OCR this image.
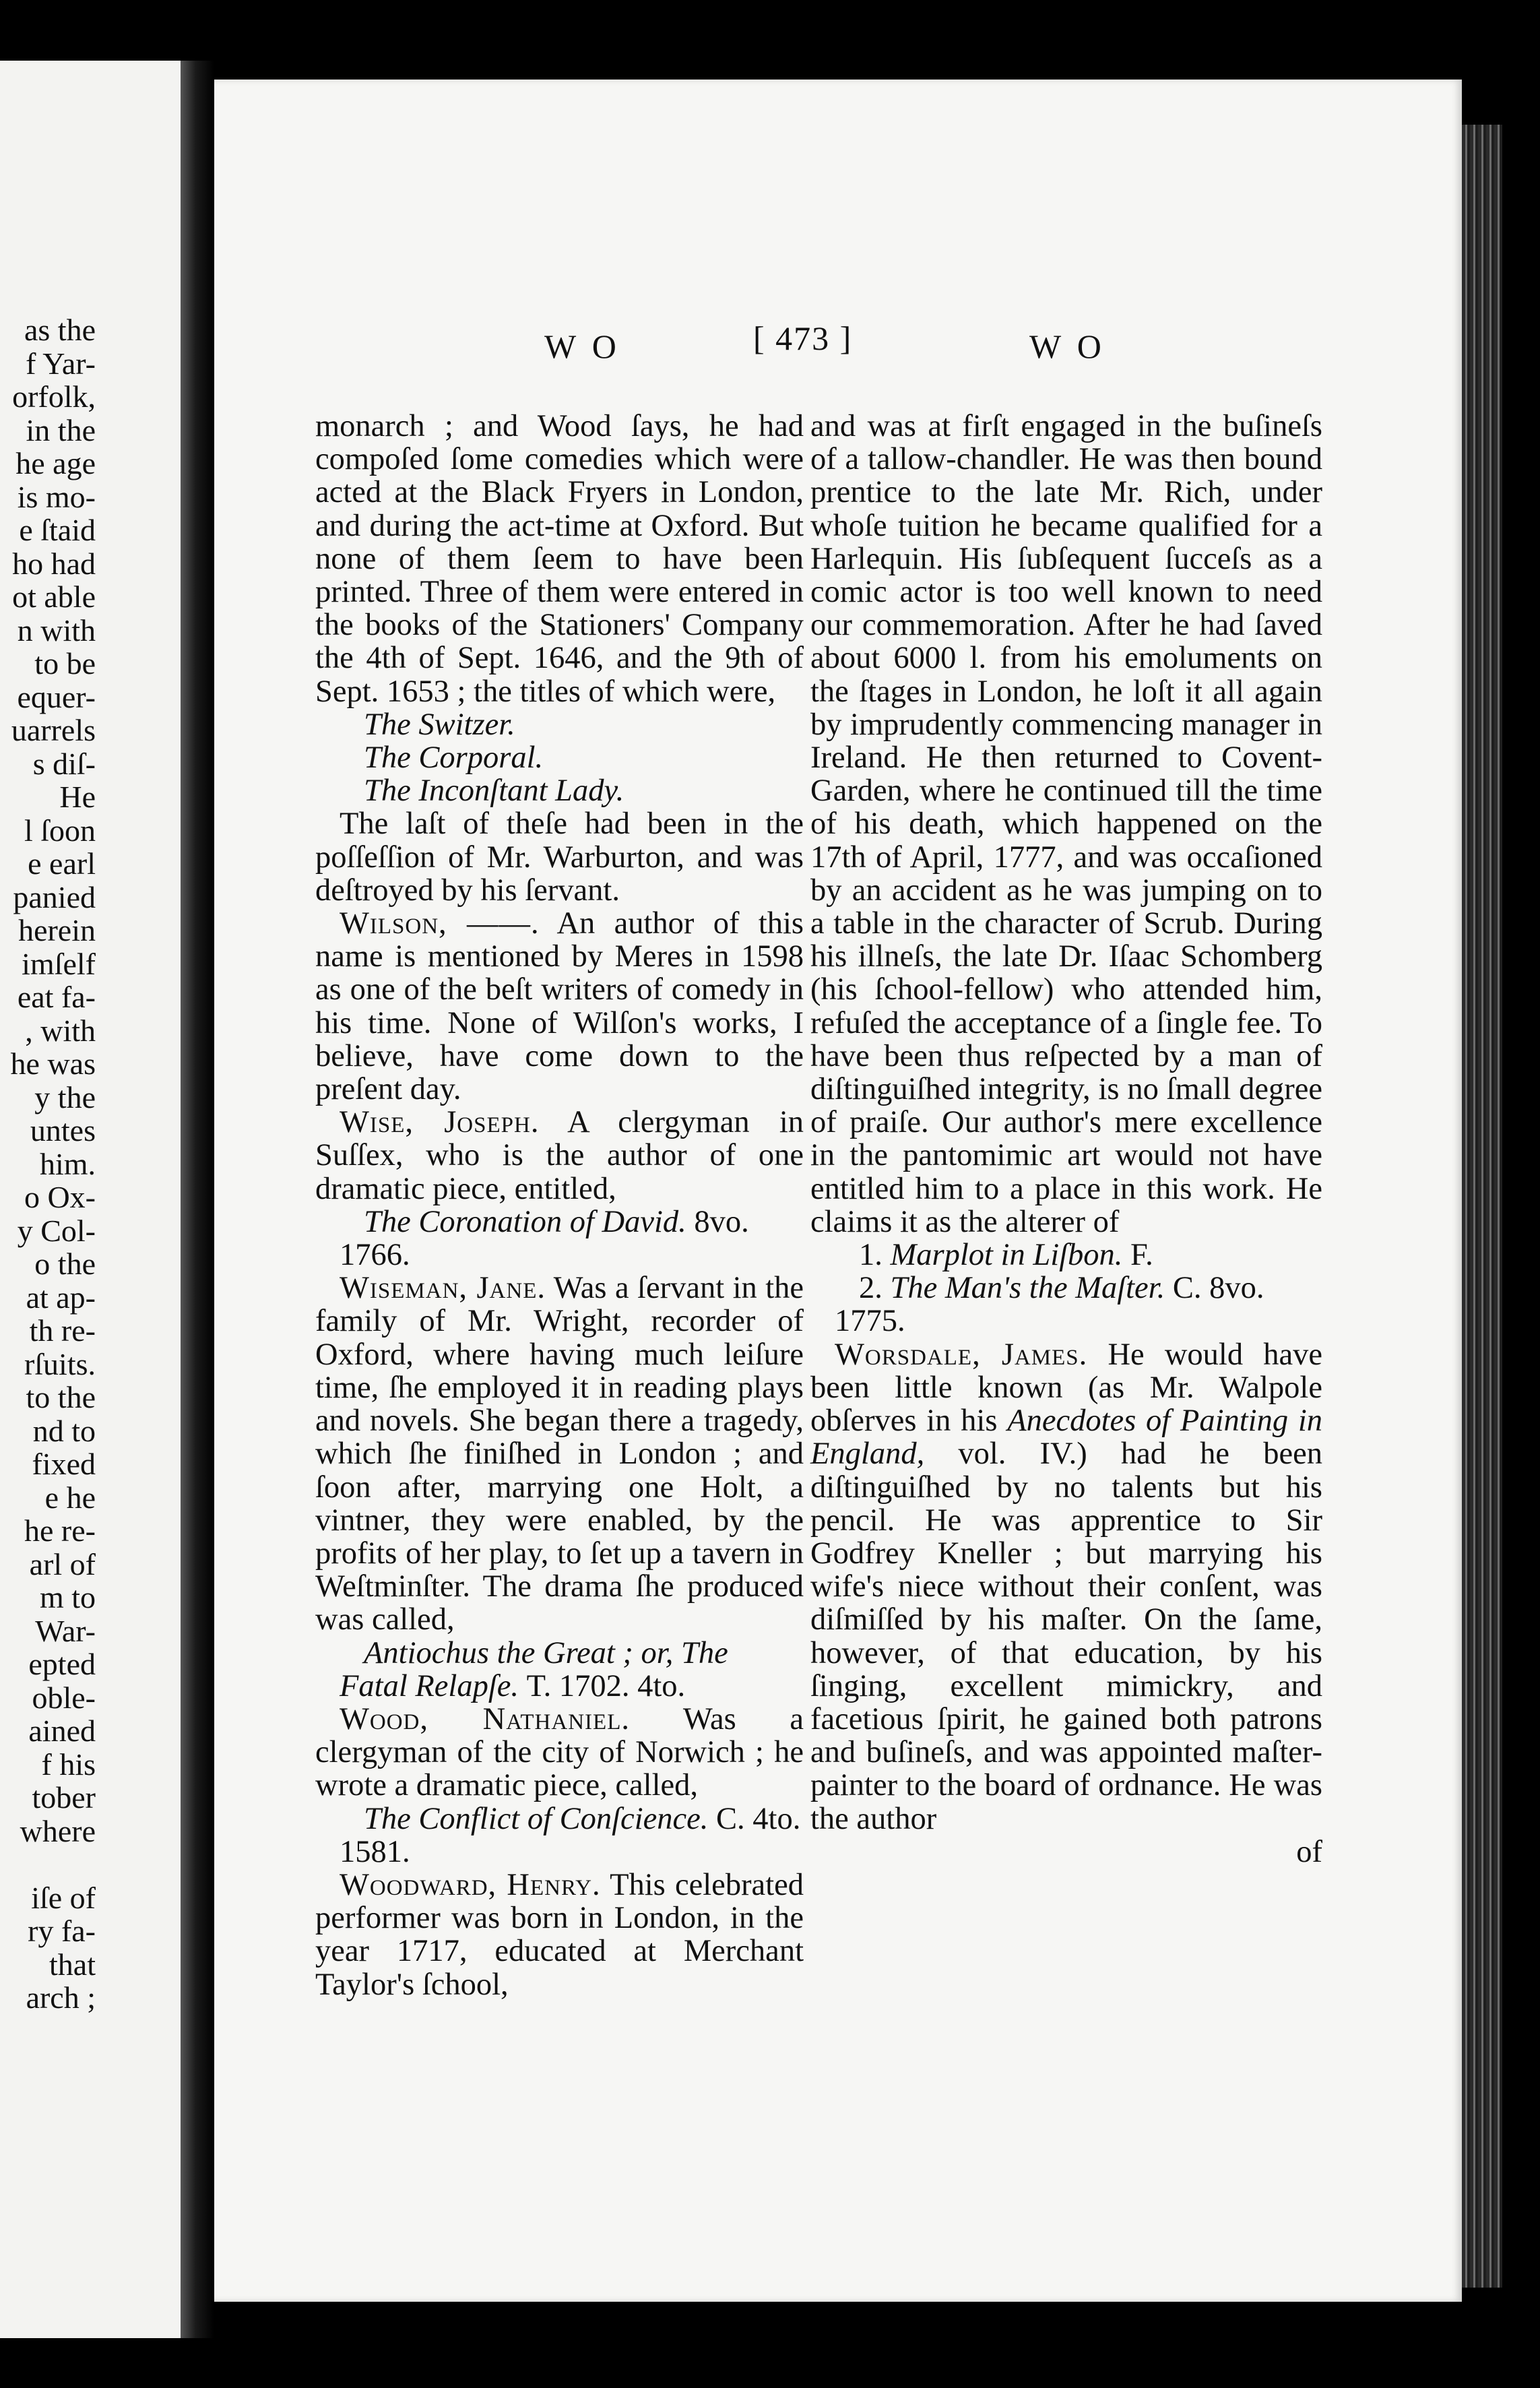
as the
f Yar-
orfolk,
in the
he age
is mo-
e ſtaid
ho had
ot able
n with
to be
equer-
uarrels
s diſ-
He
l ſoon
e earl
panied
herein
imſelf
eat fa-
, with
he was
y the
untes
him.
o Ox-
y Col-
o the
at ap-
th re-
rſuits.
to the
nd to
fixed
e he
he re-
arl of
m to
War-
epted
oble-
ained
f his
tober
where

iſe of
ry fa-
that
arch ;
W O	[ 473 ]	W O

monarch ; and Wood ſays, he had compoſed ſome comedies which were acted at the Black Fryers in London, and during the act-time at Oxford. But none of them ſeem to have been printed. Three of them were entered in the books of the Stationers' Company the 4th of Sept. 1646, and the 9th of Sept. 1653 ; the titles of which were,

The Switzer.

The Corporal.

The Inconſtant Lady.

The laſt of theſe had been in the poſſeſſion of Mr. Warburton, and was deſtroyed by his ſervant.

Wilson, ——. An author of this name is mentioned by Meres in 1598 as one of the beſt writers of comedy in his time. None of Wilſon's works, I believe, have come down to the preſent day.

Wise, Joseph. A clergyman in Suſſex, who is the author of one dramatic piece, entitled,

The Coronation of David. 8vo.

1766.

Wiseman, Jane. Was a ſervant in the family of Mr. Wright, recorder of Oxford, where having much leiſure time, ſhe employed it in reading plays and novels. She began there a tragedy, which ſhe finiſhed in London ; and ſoon after, marrying one Holt, a vintner, they were enabled, by the profits of her play, to ſet up a tavern in Weſtminſter. The drama ſhe produced was called,

Antiochus the Great ; or, The Fatal Relapſe. T. 1702. 4to.

Wood, Nathaniel. Was a clergyman of the city of Norwich ; he wrote a dramatic piece, called,

The Conflict of Conſcience. C. 4to.

1581.

Woodward, Henry. This celebrated performer was born in London, in the year 1717, educated at Merchant Taylor's ſchool,

and was at firſt engaged in the buſineſs of a tallow-chandler. He was then bound prentice to the late Mr. Rich, under whoſe tuition he became qualified for a Harlequin. His ſubſequent ſucceſs as a comic actor is too well known to need our commemoration. After he had ſaved about 6000 l. from his emoluments on the ſtages in London, he loſt it all again by imprudently commencing manager in Ireland. He then returned to Covent-Garden, where he continued till the time of his death, which happened on the 17th of April, 1777, and was occaſioned by an accident as he was jumping on to a table in the character of Scrub. During his illneſs, the late Dr. Iſaac Schomberg (his ſchool-fellow) who attended him, refuſed the acceptance of a ſingle fee. To have been thus reſpected by a man of diſtinguiſhed integrity, is no ſmall degree of praiſe. Our author's mere excellence in the pantomimic art would not have entitled him to a place in this work. He claims it as the alterer of

1. Marplot in Liſbon. F.

2. The Man's the Maſter. C. 8vo.

1775.

Worsdale, James. He would have been little known (as Mr. Walpole obſerves in his Anecdotes of Painting in England, vol. IV.) had he been diſtinguiſhed by no talents but his pencil. He was apprentice to Sir Godfrey Kneller ; but marrying his wife's niece without their conſent, was diſmiſſed by his maſter. On the ſame, however, of that education, by his ſinging, excellent mimickry, and facetious ſpirit, he gained both patrons and buſineſs, and was appointed maſter-painter to the board of ordnance. He was the author

of
